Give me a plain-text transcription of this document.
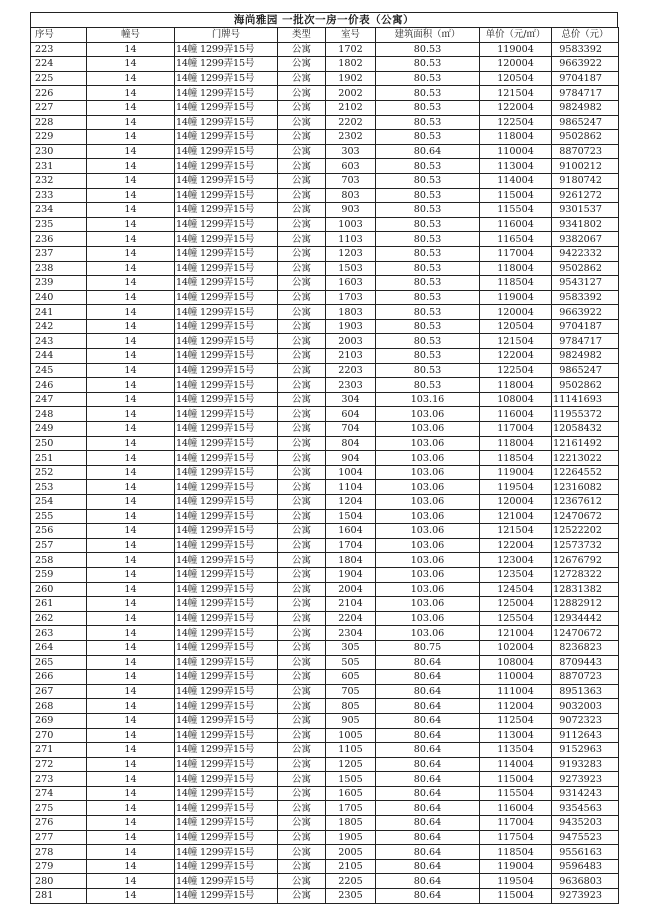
海尚雅园 一批次一房一价表（公寓）
序号	幢号	门牌号	类型	室号	建筑面积（㎡）	单价（元/㎡）	总价（元）
223	14	14幢 1299弄15号	公寓	1702	80.53	119004	9583392
224	14	14幢 1299弄15号	公寓	1802	80.53	120004	9663922
225	14	14幢 1299弄15号	公寓	1902	80.53	120504	9704187
226	14	14幢 1299弄15号	公寓	2002	80.53	121504	9784717
227	14	14幢 1299弄15号	公寓	2102	80.53	122004	9824982
228	14	14幢 1299弄15号	公寓	2202	80.53	122504	9865247
229	14	14幢 1299弄15号	公寓	2302	80.53	118004	9502862
230	14	14幢 1299弄15号	公寓	303	80.64	110004	8870723
231	14	14幢 1299弄15号	公寓	603	80.53	113004	9100212
232	14	14幢 1299弄15号	公寓	703	80.53	114004	9180742
233	14	14幢 1299弄15号	公寓	803	80.53	115004	9261272
234	14	14幢 1299弄15号	公寓	903	80.53	115504	9301537
235	14	14幢 1299弄15号	公寓	1003	80.53	116004	9341802
236	14	14幢 1299弄15号	公寓	1103	80.53	116504	9382067
237	14	14幢 1299弄15号	公寓	1203	80.53	117004	9422332
238	14	14幢 1299弄15号	公寓	1503	80.53	118004	9502862
239	14	14幢 1299弄15号	公寓	1603	80.53	118504	9543127
240	14	14幢 1299弄15号	公寓	1703	80.53	119004	9583392
241	14	14幢 1299弄15号	公寓	1803	80.53	120004	9663922
242	14	14幢 1299弄15号	公寓	1903	80.53	120504	9704187
243	14	14幢 1299弄15号	公寓	2003	80.53	121504	9784717
244	14	14幢 1299弄15号	公寓	2103	80.53	122004	9824982
245	14	14幢 1299弄15号	公寓	2203	80.53	122504	9865247
246	14	14幢 1299弄15号	公寓	2303	80.53	118004	9502862
247	14	14幢 1299弄15号	公寓	304	103.16	108004	11141693
248	14	14幢 1299弄15号	公寓	604	103.06	116004	11955372
249	14	14幢 1299弄15号	公寓	704	103.06	117004	12058432
250	14	14幢 1299弄15号	公寓	804	103.06	118004	12161492
251	14	14幢 1299弄15号	公寓	904	103.06	118504	12213022
252	14	14幢 1299弄15号	公寓	1004	103.06	119004	12264552
253	14	14幢 1299弄15号	公寓	1104	103.06	119504	12316082
254	14	14幢 1299弄15号	公寓	1204	103.06	120004	12367612
255	14	14幢 1299弄15号	公寓	1504	103.06	121004	12470672
256	14	14幢 1299弄15号	公寓	1604	103.06	121504	12522202
257	14	14幢 1299弄15号	公寓	1704	103.06	122004	12573732
258	14	14幢 1299弄15号	公寓	1804	103.06	123004	12676792
259	14	14幢 1299弄15号	公寓	1904	103.06	123504	12728322
260	14	14幢 1299弄15号	公寓	2004	103.06	124504	12831382
261	14	14幢 1299弄15号	公寓	2104	103.06	125004	12882912
262	14	14幢 1299弄15号	公寓	2204	103.06	125504	12934442
263	14	14幢 1299弄15号	公寓	2304	103.06	121004	12470672
264	14	14幢 1299弄15号	公寓	305	80.75	102004	8236823
265	14	14幢 1299弄15号	公寓	505	80.64	108004	8709443
266	14	14幢 1299弄15号	公寓	605	80.64	110004	8870723
267	14	14幢 1299弄15号	公寓	705	80.64	111004	8951363
268	14	14幢 1299弄15号	公寓	805	80.64	112004	9032003
269	14	14幢 1299弄15号	公寓	905	80.64	112504	9072323
270	14	14幢 1299弄15号	公寓	1005	80.64	113004	9112643
271	14	14幢 1299弄15号	公寓	1105	80.64	113504	9152963
272	14	14幢 1299弄15号	公寓	1205	80.64	114004	9193283
273	14	14幢 1299弄15号	公寓	1505	80.64	115004	9273923
274	14	14幢 1299弄15号	公寓	1605	80.64	115504	9314243
275	14	14幢 1299弄15号	公寓	1705	80.64	116004	9354563
276	14	14幢 1299弄15号	公寓	1805	80.64	117004	9435203
277	14	14幢 1299弄15号	公寓	1905	80.64	117504	9475523
278	14	14幢 1299弄15号	公寓	2005	80.64	118504	9556163
279	14	14幢 1299弄15号	公寓	2105	80.64	119004	9596483
280	14	14幢 1299弄15号	公寓	2205	80.64	119504	9636803
281	14	14幢 1299弄15号	公寓	2305	80.64	115004	9273923
